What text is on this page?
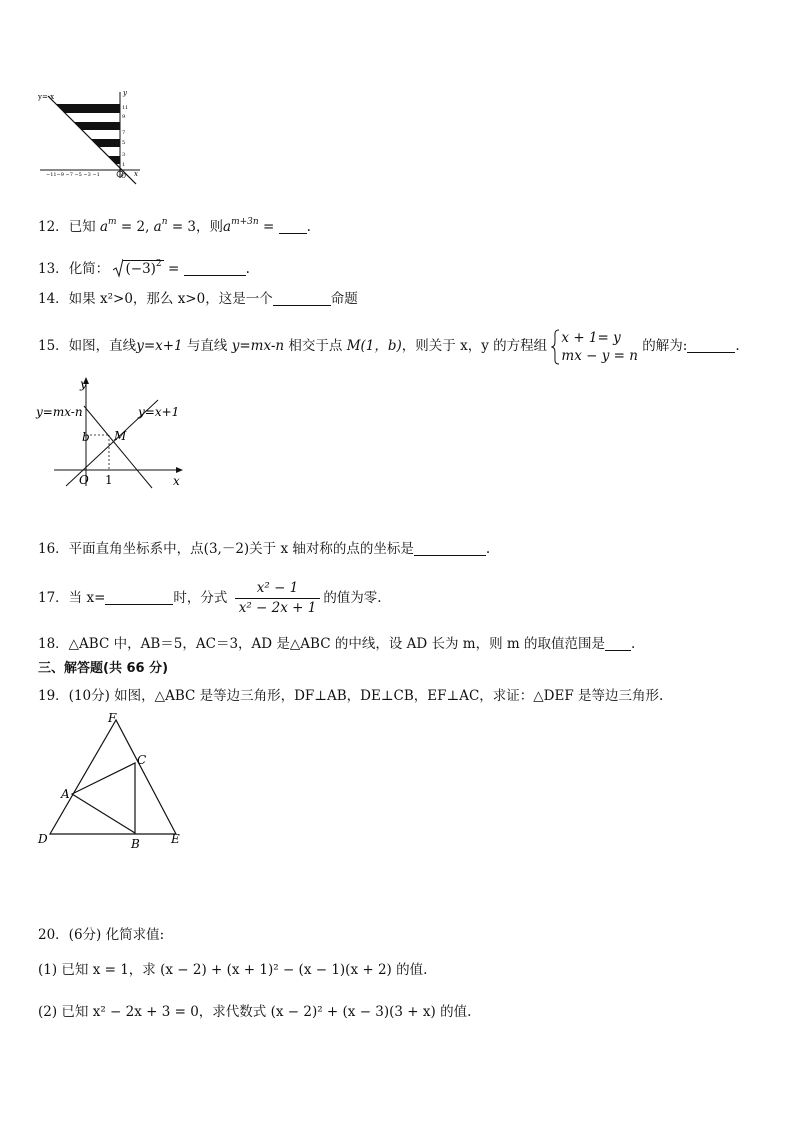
y=-x	y
x
O
11
9
7
5
3
1
−11−9 −7 −5 −3 −1
12．已知 $a^m = 2$, $a^n = 3$，则$a^{m+3n}$ = .
13．化简： $(-3)^2$ =	.
14．如果 x²>0，那么 x>0，这是一个	命题
15．如图，直线y=x+1 与直线 y=mx-n 相交于点 M(1，b)，则关于 x，y 的方程组
x + 1= y
mx − y = n
的解为:	.
y=mx-n	y=x+1
y
x
O
M
b
1
16．平面直角坐标系中，点(3,－2)关于 x 轴对称的点的坐标是	.
17．当 x=	时，分式 $\frac{\text{x² − 1}}{\text{x² − 2x + 1}}$ 的值为零.
18．△ABC 中，AB＝5，AC＝3，AD 是△ABC 的中线，设 AD 长为 m，则 m 的取值范围是 .
三、解答题(共 66 分)
19．(10分) 如图，△ABC 是等边三角形，DF⊥AB，DE⊥CB，EF⊥AC，求证：△DEF 是等边三角形.
F
C
A
D	B	E
20．(6分) 化简求值:
(1) 已知 x = 1，求 (x − 2) + (x + 1)² − (x − 1)(x + 2) 的值.
(2) 已知 x² − 2x + 3 = 0，求代数式 (x − 2)² + (x − 3)(3 + x) 的值.
